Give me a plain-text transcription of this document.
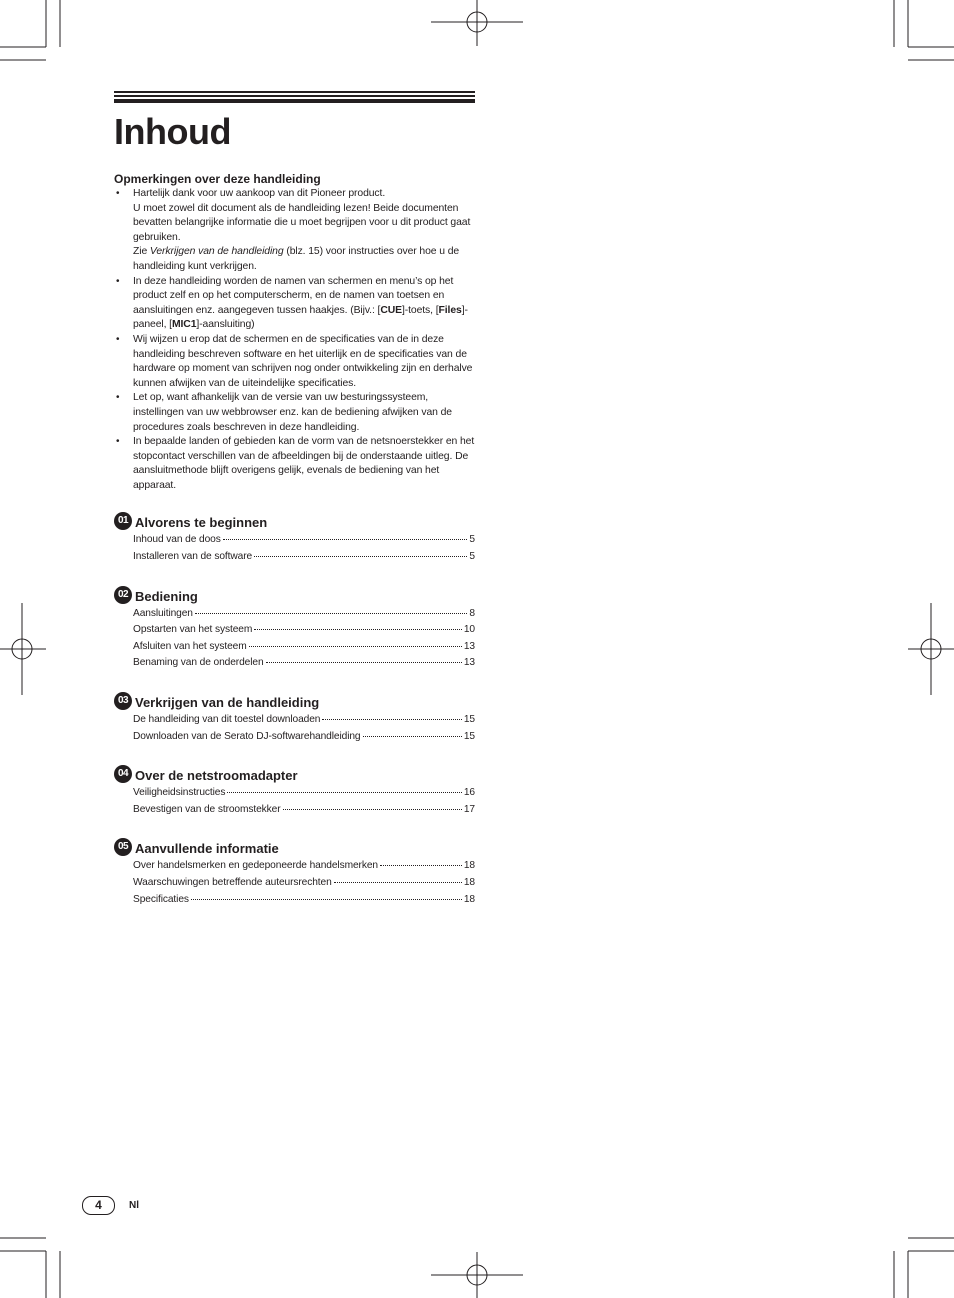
Inhoud
Opmerkingen over deze handleiding

• Hartelijk dank voor uw aankoop van dit Pioneer product.

U moet zowel dit document als de handleiding lezen! Beide documenten bevatten belangrijke informatie die u moet begrijpen voor u dit product gaat gebruiken.

Zie Verkrijgen van de handleiding (blz. 15) voor instructies over hoe u de handleiding kunt verkrijgen.

• In deze handleiding worden de namen van schermen en menu’s op het product zelf en op het computerscherm, en de namen van toetsen en aansluitingen enz. aangegeven tussen haakjes. (Bijv.: [CUE]-toets, [Files]-paneel, [MIC1]-aansluiting)
• Wij wijzen u erop dat de schermen en de specificaties van de in deze handleiding beschreven software en het uiterlijk en de specificaties van de hardware op moment van schrijven nog onder ontwikkeling zijn en derhalve kunnen afwijken van de uiteindelijke specificaties.
• Let op, want afhankelijk van de versie van uw besturingssysteem, instellingen van uw webbrowser enz. kan de bediening afwijken van de procedures zoals beschreven in deze handleiding.
• In bepaalde landen of gebieden kan de vorm van de netsnoerstekker en het stopcontact verschillen van de afbeeldingen bij de onderstaande uitleg. De aansluitmethode blijft overigens gelijk, evenals de bediening van het apparaat.
01 Alvorens te beginnen
Inhoud van de doos	5
Installeren van de software	5
02 Bediening
Aansluitingen	8
Opstarten van het systeem	10
Afsluiten van het systeem	13
Benaming van de onderdelen	13
03 Verkrijgen van de handleiding
De handleiding van dit toestel downloaden	15
Downloaden van de Serato DJ-softwarehandleiding	15
04 Over de netstroomadapter
Veiligheidsinstructies	16
Bevestigen van de stroomstekker	17
05 Aanvullende informatie
Over handelsmerken en gedeponeerde handelsmerken	18
Waarschuwingen betreffende auteursrechten	18
Specificaties	18
4	Nl
